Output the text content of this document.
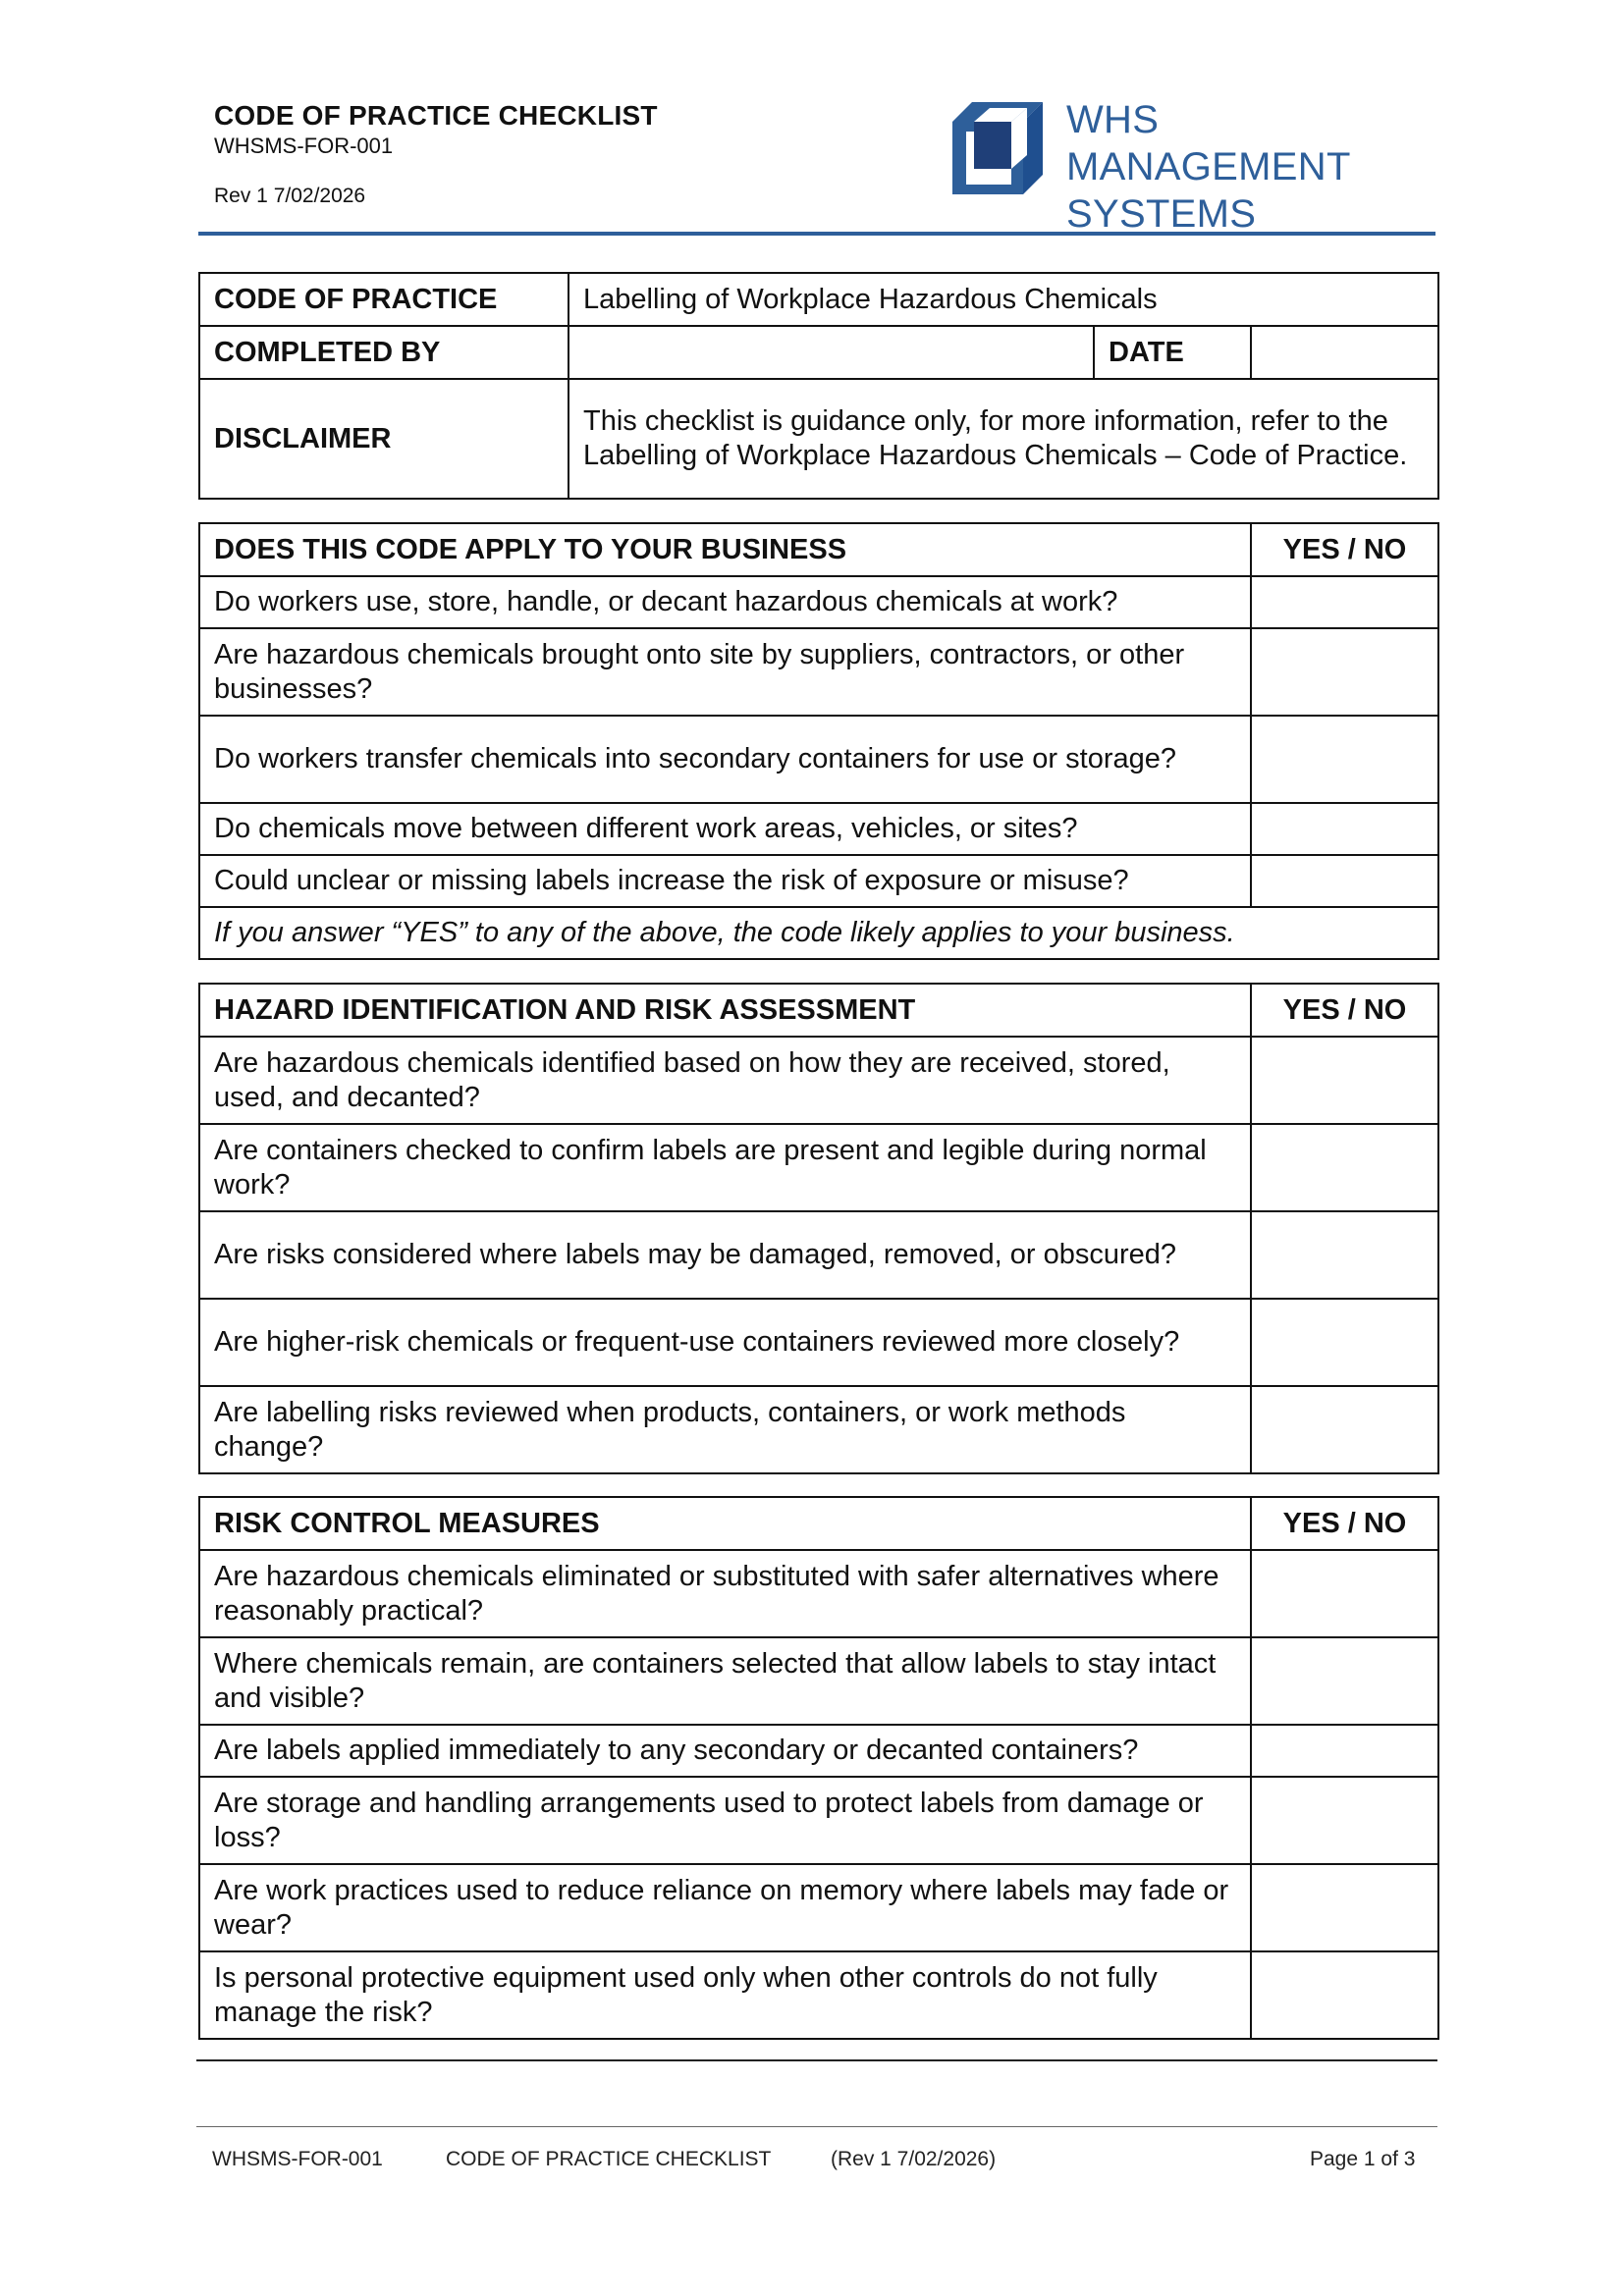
CODE OF PRACTICE CHECKLIST
WHSMS-FOR-001
Rev 1 7/02/2026
WHS MANAGEMENT
SYSTEMS
CODE OF PRACTICE	Labelling of Workplace Hazardous Chemicals		
COMPLETED BY		DATE	
DISCLAIMER	This checklist is guidance only, for more information, refer to the Labelling of Workplace Hazardous Chemicals – Code of Practice.		
DOES THIS CODE APPLY TO YOUR BUSINESS	YES / NO
Do workers use, store, handle, or decant hazardous chemicals at work?	
Are hazardous chemicals brought onto site by suppliers, contractors, or other businesses?	
Do workers transfer chemicals into secondary containers for use or storage?	
Do chemicals move between different work areas, vehicles, or sites?	
Could unclear or missing labels increase the risk of exposure or misuse?	
If you answer “YES” to any of the above, the code likely applies to your business.	
HAZARD IDENTIFICATION AND RISK ASSESSMENT	YES / NO
Are hazardous chemicals identified based on how they are received, stored, used, and decanted?	
Are containers checked to confirm labels are present and legible during normal work?	
Are risks considered where labels may be damaged, removed, or obscured?	
Are higher-risk chemicals or frequent-use containers reviewed more closely?	
Are labelling risks reviewed when products, containers, or work methods change?	
RISK CONTROL MEASURES	YES / NO
Are hazardous chemicals eliminated or substituted with safer alternatives where reasonably practical?	
Where chemicals remain, are containers selected that allow labels to stay intact and visible?	
Are labels applied immediately to any secondary or decanted containers?	
Are storage and handling arrangements used to protect labels from damage or loss?	
Are work practices used to reduce reliance on memory where labels may fade or wear?	
Is personal protective equipment used only when other controls do not fully manage the risk?	
WHSMS-FOR-001	CODE OF PRACTICE CHECKLIST	(Rev 1 7/02/2026)	Page 1 of 3
